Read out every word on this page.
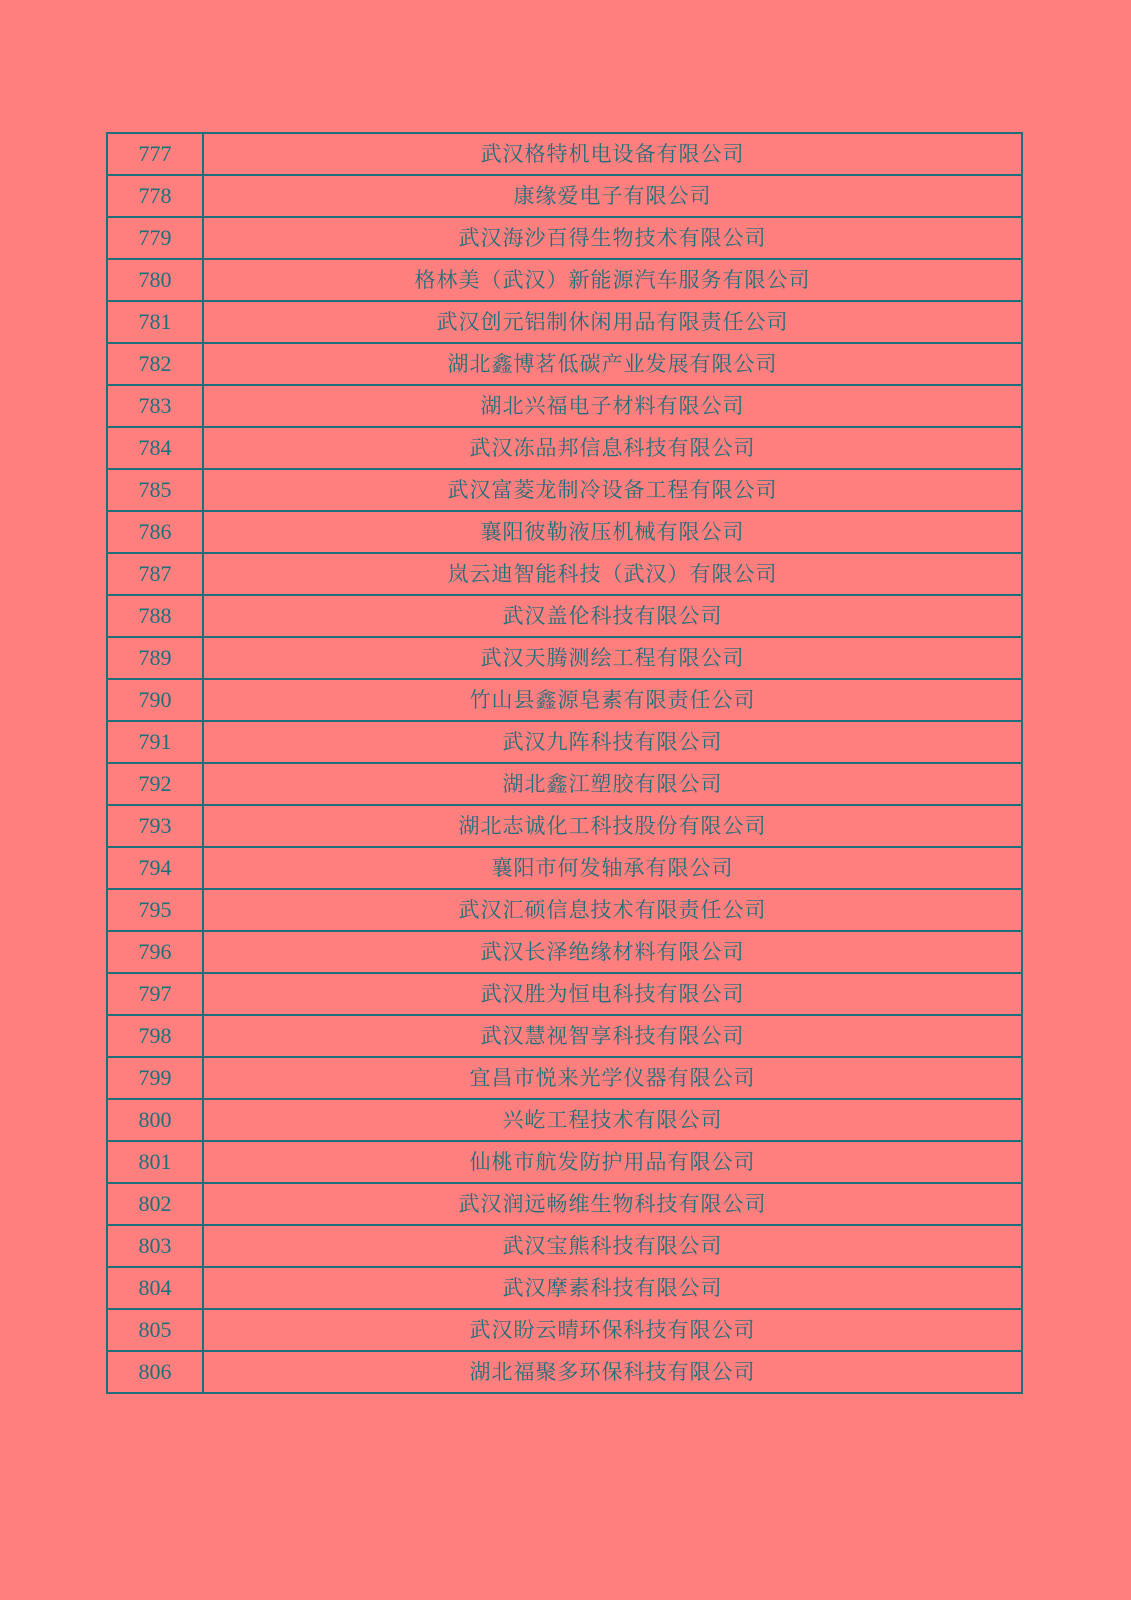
777	武汉格特机电设备有限公司
778	康缘爱电子有限公司
779	武汉海沙百得生物技术有限公司
780	格林美（武汉）新能源汽车服务有限公司
781	武汉创元铝制休闲用品有限责任公司
782	湖北鑫博茗低碳产业发展有限公司
783	湖北兴福电子材料有限公司
784	武汉冻品邦信息科技有限公司
785	武汉富菱龙制冷设备工程有限公司
786	襄阳彼勒液压机械有限公司
787	岚云迪智能科技（武汉）有限公司
788	武汉盖伦科技有限公司
789	武汉天腾测绘工程有限公司
790	竹山县鑫源皂素有限责任公司
791	武汉九阵科技有限公司
792	湖北鑫江塑胶有限公司
793	湖北志诚化工科技股份有限公司
794	襄阳市何发轴承有限公司
795	武汉汇硕信息技术有限责任公司
796	武汉长泽绝缘材料有限公司
797	武汉胜为恒电科技有限公司
798	武汉慧视智享科技有限公司
799	宜昌市悦来光学仪器有限公司
800	兴屹工程技术有限公司
801	仙桃市航发防护用品有限公司
802	武汉润远畅维生物科技有限公司
803	武汉宝熊科技有限公司
804	武汉摩素科技有限公司
805	武汉盼云晴环保科技有限公司
806	湖北福聚多环保科技有限公司
